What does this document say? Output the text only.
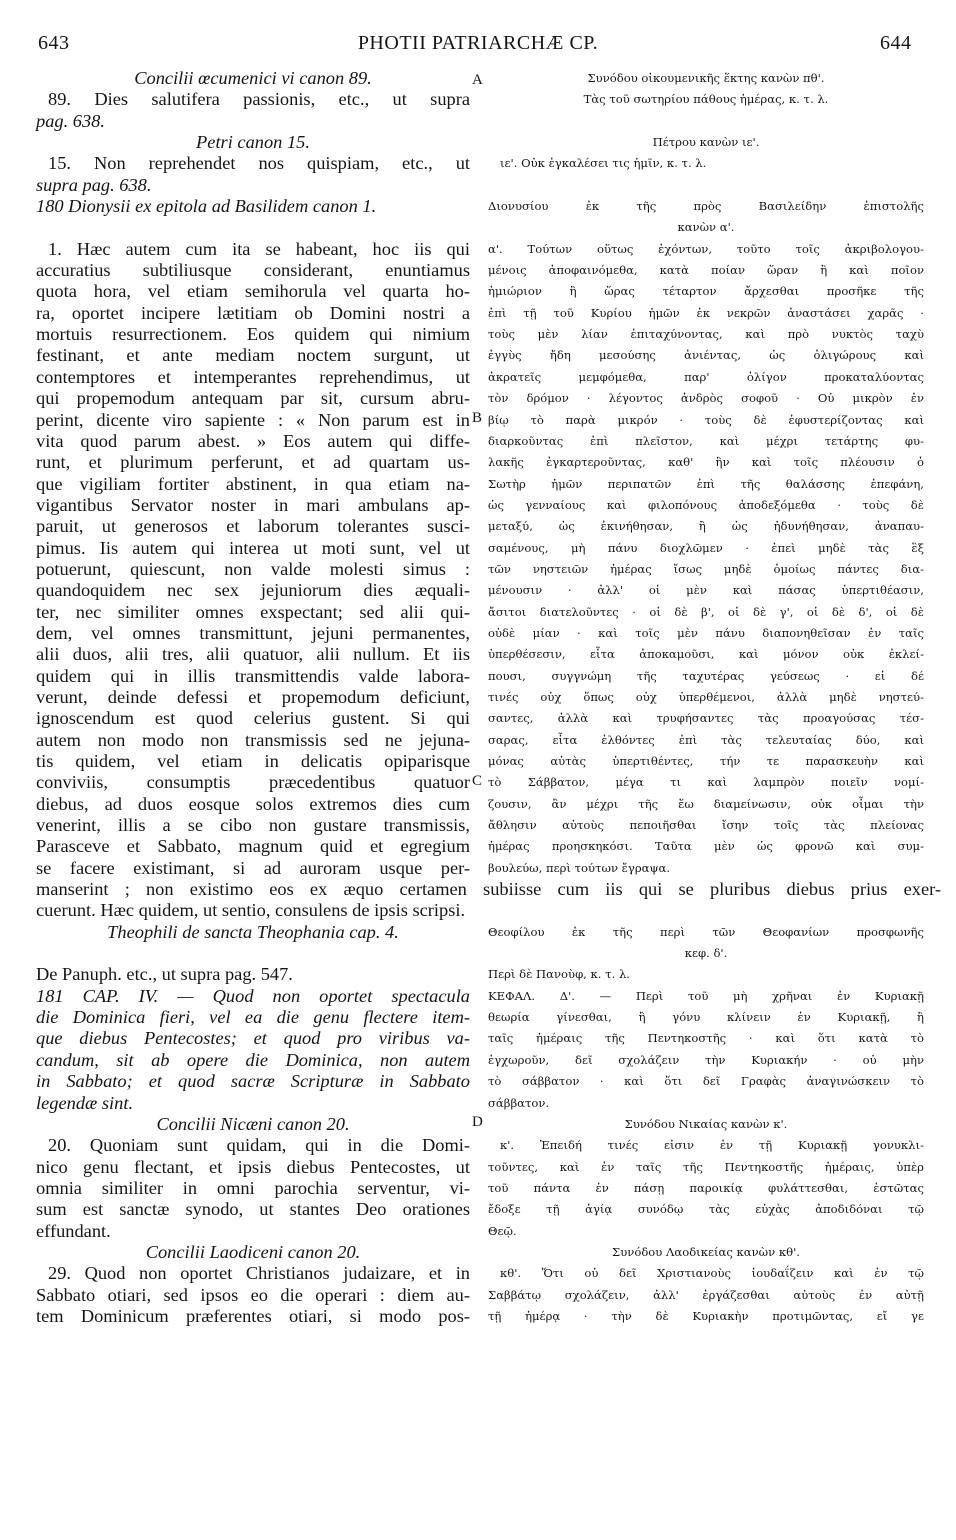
643	PHOTII PATRIARCHÆ CP.	644
A
B
C
D
Concilii œcumenici vi canon 89.
89. Dies salutifera passionis, etc., ut supra
pag. 638.
Petri canon 15.
15. Non reprehendet nos quispiam, etc., ut
supra pag. 638.
180 Dionysii ex epitola ad Basilidem canon 1.
1. Hæc autem cum ita se habeant, hoc iis qui
accuratius subtiliusque considerant, enuntiamus
quota hora, vel etiam semihorula vel quarta ho-
ra, oportet incipere lætitiam ob Domini nostri a
mortuis resurrectionem. Eos quidem qui nimium
festinant, et ante mediam noctem surgunt, ut
contemptores et intemperantes reprehendimus, ut
qui propemodum antequam par sit, cursum abru-
perint, dicente viro sapiente : « Non parum est in
vita quod parum abest. » Eos autem qui diffe-
runt, et plurimum perferunt, et ad quartam us-
que vigiliam fortiter abstinent, in qua etiam na-
vigantibus Servator noster in mari ambulans ap-
paruit, ut generosos et laborum tolerantes susci-
pimus. Iis autem qui interea ut moti sunt, vel ut
potuerunt, quiescunt, non valde molesti simus :
quandoquidem nec sex jejuniorum dies æquali-
ter, nec similiter omnes exspectant; sed alii qui-
dem, vel omnes transmittunt, jejuni permanentes,
alii duos, alii tres, alii quatuor, alii nullum. Et iis
quidem qui in illis transmittendis valde labora-
verunt, deinde defessi et propemodum deficiunt,
ignoscendum est quod celerius gustent. Si qui
autem non modo non transmissis sed ne jejuna-
tis quidem, vel etiam in delicatis opiparisque
conviviis, consumptis præcedentibus quatuor
diebus, ad duos eosque solos extremos dies cum
venerint, illis a se cibo non gustare transmissis,
Parasceve et Sabbato, magnum quid et egregium
se facere existimant, si ad auroram usque per-
manserint ; non existimo eos ex æquo certamen subiisse cum iis qui se pluribus diebus prius exer-
cuerunt. Hæc quidem, ut sentio, consulens de ipsis scripsi.
Theophili de sancta Theophania cap. 4.
De Panuph. etc., ut supra pag. 547.
181 CAP. IV. — Quod non oportet spectacula
die Dominica fieri, vel ea die genu flectere item-
que diebus Pentecostes; et quod pro viribus va-
candum, sit ab opere die Dominica, non autem
in Sabbato; et quod sacræ Scripturæ in Sabbato
legendæ sint.
Concilii Nicæni canon 20.
20. Quoniam sunt quidam, qui in die Domi-
nico genu flectant, et ipsis diebus Pentecostes, ut
omnia similiter in omni parochia serventur, vi-
sum est sanctæ synodo, ut stantes Deo orationes
effundant.
Concilii Laodiceni canon 20.
29. Quod non oportet Christianos judaizare, et in
Sabbato otiari, sed ipsos eo die operari : diem au-
tem Dominicum præferentes otiari, si modo pos-
Συνόδου οἰκουμενικῆς ἕκτης κανὼν πθ'.
Τὰς τοῦ σωτηρίου πάθους ἡμέρας, κ. τ. λ.
Πέτρου κανὼν ιε'.
ιε'. Οὐκ ἐγκαλέσει τις ἡμῖν, κ. τ. λ.
Διονυσίου ἐκ τῆς πρὸς Βασιλείδην ἐπιστολῆς
κανὼν α'.
α'. Τούτων οὕτως ἐχόντων, τοῦτο τοῖς ἀκριβολογου-
μένοις ἀποφαινόμεθα, κατὰ ποίαν ὥραν ἢ καὶ ποῖον
ἡμιώριον ἢ ὥρας τέταρτον ἄρχεσθαι προσῆκε τῆς
ἐπὶ τῇ τοῦ Κυρίου ἡμῶν ἐκ νεκρῶν ἀναστάσει χαρᾶς ·
τοὺς μὲν λίαν ἐπιταχύνοντας, καὶ πρὸ νυκτὸς ταχὺ
ἐγγὺς ἤδη μεσούσης ἀνιέντας, ὡς ὀλιγώρους καὶ
ἀκρατεῖς μεμφόμεθα, παρ' ὀλίγον προκαταλύοντας
τὸν δρόμον · λέγοντος ἀνδρὸς σοφοῦ · Οὐ μικρὸν ἐν
βίῳ τὸ παρὰ μικρόν · τοὺς δὲ ἐφυστερίζοντας καὶ
διαρκοῦντας ἐπὶ πλεῖστον, καὶ μέχρι τετάρτης φυ-
λακῆς ἐγκαρτεροῦντας, καθ' ἣν καὶ τοῖς πλέουσιν ὁ
Σωτὴρ ἡμῶν περιπατῶν ἐπὶ τῆς θαλάσσης ἐπεφάνη,
ὡς γενναίους καὶ φιλοπόνους ἀποδεξόμεθα · τοὺς δὲ
μεταξύ, ὡς ἐκινήθησαν, ἢ ὡς ἠδυνήθησαν, ἀναπαυ-
σαμένους, μὴ πάνυ διοχλῶμεν · ἐπεὶ μηδὲ τὰς ἓξ
τῶν νηστειῶν ἡμέρας ἴσως μηδὲ ὁμοίως πάντες δια-
μένουσιν · ἀλλ' οἱ μὲν καὶ πάσας ὑπερτιθέασιν,
ἄσιτοι διατελοῦντες · οἱ δὲ β', οἱ δὲ γ', οἱ δὲ δ', οἱ δὲ
οὐδὲ μίαν · καὶ τοῖς μὲν πάνυ διαπονηθεῖσαν ἐν ταῖς
ὑπερθέσεσιν, εἶτα ἀποκαμοῦσι, καὶ μόνον οὐκ ἐκλεί-
πουσι, συγγνώμη τῆς ταχυτέρας γεύσεως · εἰ δέ
τινές οὐχ ὅπως οὐχ ὑπερθέμενοι, ἀλλὰ μηδὲ νηστεύ-
σαντες, ἀλλὰ καὶ τρυφήσαντες τὰς προαγούσας τέσ-
σαρας, εἶτα ἐλθόντες ἐπὶ τὰς τελευταίας δύο, καὶ
μόνας αὐτὰς ὑπερτιθέντες, τήν τε παρασκευὴν καὶ
τὸ Σάββατον, μέγα τι καὶ λαμπρὸν ποιεῖν νομί-
ζουσιν, ἂν μέχρι τῆς ἕω διαμείνωσιν, οὐκ οἶμαι τὴν
ἄθλησιν αὐτοὺς πεποιῆσθαι ἴσην τοῖς τὰς πλείονας
ἡμέρας προησκηκόσι. Ταῦτα μὲν ὡς φρονῶ καὶ συμ-
βουλεύω, περὶ τούτων ἔγραψα.
Θεοφίλου ἐκ τῆς περὶ τῶν Θεοφανίων προσφωνῆς
κεφ. δ'.
Περὶ δὲ Πανοὺφ, κ. τ. λ.
ΚΕΦΑΛ. Δ'. — Περὶ τοῦ μὴ χρῆναι ἐν Κυριακῇ
θεωρία γίνεσθαι, ἢ γόνυ κλίνειν ἐν Κυριακῇ, ἢ
ταῖς ἡμέραις τῆς Πεντηκοστῆς · καὶ ὅτι κατὰ τὸ
ἐγχωροῦν, δεῖ σχολάζειν τὴν Κυριακήν · οὐ μὴν
τὸ σάββατον · καὶ ὅτι δεῖ Γραφὰς ἀναγινώσκειν τὸ
σάββατον.
Συνόδου Νικαίας κανὼν κ'.
κ'. Ἐπειδή τινές εἰσιν ἐν τῇ Κυριακῇ γονυκλι-
τοῦντες, καὶ ἐν ταῖς τῆς Πεντηκοστῆς ἡμέραις, ὑπὲρ
τοῦ πάντα ἐν πάσῃ παροικίᾳ φυλάττεσθαι, ἑστῶτας
ἔδοξε τῇ ἁγίᾳ συνόδῳ τὰς εὐχὰς ἀποδιδόναι τῷ
Θεῷ.
Συνόδου Λαοδικείας κανὼν κθ'.
κθ'. Ὅτι οὐ δεῖ Χριστιανοὺς ἰουδαΐζειν καὶ ἐν τῷ
Σαββάτῳ σχολάζειν, ἀλλ' ἐργάζεσθαι αὐτοὺς ἐν αὐτῇ
τῇ ἡμέρᾳ · τὴν δὲ Κυριακὴν προτιμῶντας, εἴ γε
